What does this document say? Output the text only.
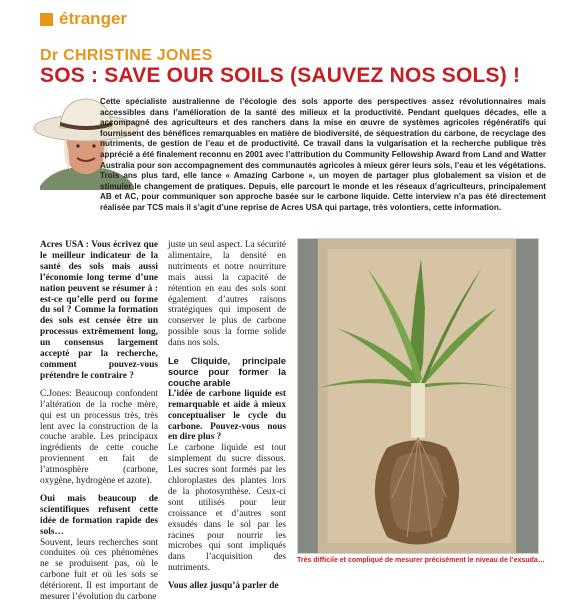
étranger
Dr CHRISTINE JONES
SOS : SAVE OUR SOILS (SAUVEZ NOS SOLS) !
Cette spécialiste australienne de l’écologie des sols apporte des perspectives assez révolutionnaires mais accessibles dans l’amélioration de la santé des milieux et la productivité. Pendant quelques décades, elle a accompagné des agriculteurs et des ranchers dans la mise en œuvre de systèmes agricoles régénératifs qui fournissent des bénéfices remarquables en matière de biodiversité, de séquestration du carbone, de recyclage des nutriments, de gestion de l’eau et de productivité. Ce travail dans la vulgarisation et la recherche publique très apprécié a été finalement reconnu en 2001 avec l’attribution du Community Fellowship Award from Land and Watter Australia pour son accompagnement des communautés agricoles à mieux gérer leurs sols, l’eau et les végétations. Trois ans plus tard, elle lance « Amazing Carbone », un moyen de partager plus globalement sa vision et de stimuler le changement de pratiques. Depuis, elle parcourt le monde et les réseaux d’agriculteurs, principalement AB et AC, pour communiquer son approche basée sur le carbone liquide. Cette interview n’a pas été directement réalisée par TCS mais il s’agit d’une reprise de Acres USA qui partage, très volontiers, cette information.

Acres USA : Vous écrivez que le meilleur indicateur de la santé des sols mais aussi l’économie long terme d’une nation peuvent se résumer à : est-ce qu’elle perd ou forme du sol ? Comme la formation des sols est censée être un processus extrêmement long, un consensus largement accepté par la recherche, comment pouvez-vous prétendre le contraire ?

C.Jones: Beaucoup confondent l’altération de la roche mère, qui est un processus très, très lent avec la construction de la couche arable. Les principaux ingrédients de cette couche proviennent en fait de l’atmosphère (carbone, oxygène, hydrogène et azote).

Oui mais beaucoup de scientifiques refusent cette idée de formation rapide des sols…

Souvent, leurs recherches sont conduites où ces phénomènes ne se produisent pas, où le carbone fuit et où les sols se détériorent. Il est important de mesurer l’évolution du carbone

juste un seul aspect. La sécurité alimentaire, la densité en nutriments et notre nourriture mais aussi la capacité de rétention en eau des sols sont également d’autres raisons stratégiques qui imposent de conserver le plus de carbone possible sous la forme solide dans nos sols.

Le Cliquide, principale source pour former la couche arable

L’idée de carbone liquide est remarquable et aide à mieux conceptualiser le cycle du carbone. Pouvez-vous nous en dire plus ?

Le carbone liquide est tout simplement du sucre dissous. Les sucres sont formés par les chloroplastes des plantes lors de la photosynthèse. Ceux-ci sont utilisés pour leur croissance et d’autres sont exsudés dans le sol par les racines pour nourrir les microbes qui sont impliqués dans l’acquisition des nutriments.

Vous allez jusqu’à parler de

Très difficile et compliqué de mesurer précisément le niveau de l’exsuda…
